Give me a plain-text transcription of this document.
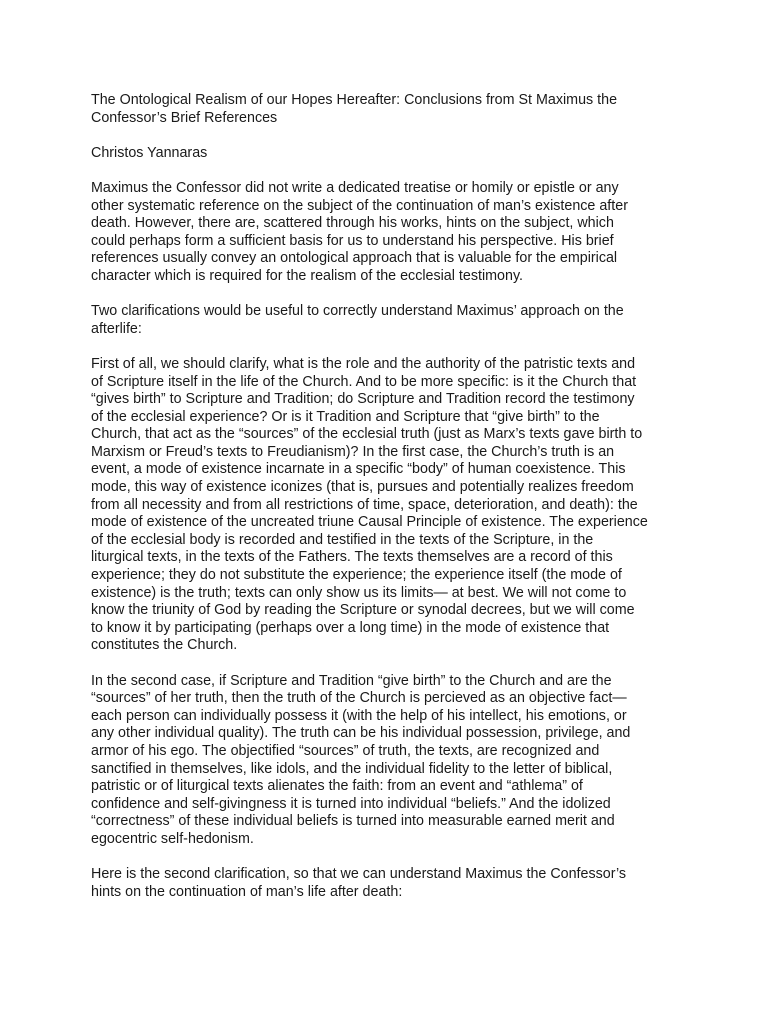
The Ontological Realism of our Hopes Hereafter: Conclusions from St Maximus the
Confessor’s Brief References

Christos Yannaras

Maximus the Confessor did not write a dedicated treatise or homily or epistle or any
other systematic reference on the subject of the continuation of man’s existence after
death. However, there are, scattered through his works, hints on the subject, which
could perhaps form a sufficient basis for us to understand his perspective. His brief
references usually convey an ontological approach that is valuable for the empirical
character which is required for the realism of the ecclesial testimony.

Two clarifications would be useful to correctly understand Maximus’ approach on the
afterlife:

First of all, we should clarify, what is the role and the authority of the patristic texts and
of Scripture itself in the life of the Church. And to be more specific: is it the Church that
“gives birth” to Scripture and Tradition; do Scripture and Tradition record the testimony
of the ecclesial experience? Or is it Tradition and Scripture that “give birth” to the
Church, that act as the “sources” of the ecclesial truth (just as Marx’s texts gave birth to
Marxism or Freud’s texts to Freudianism)? In the first case, the Church’s truth is an
event, a mode of existence incarnate in a specific “body” of human coexistence. This
mode, this way of existence iconizes (that is, pursues and potentially realizes freedom
from all necessity and from all restrictions of time, space, deterioration, and death): the
mode of existence of the uncreated triune Causal Principle of existence. The experience
of the ecclesial body is recorded and testified in the texts of the Scripture, in the
liturgical texts, in the texts of the Fathers. The texts themselves are a record of this
experience; they do not substitute the experience; the experience itself (the mode of
existence) is the truth; texts can only show us its limits— at best. We will not come to
know the triunity of God by reading the Scripture or synodal decrees, but we will come
to know it by participating (perhaps over a long time) in the mode of existence that
constitutes the Church.

In the second case, if Scripture and Tradition “give birth” to the Church and are the
“sources” of her truth, then the truth of the Church is percieved as an objective fact—
each person can individually possess it (with the help of his intellect, his emotions, or
any other individual quality). The truth can be his individual possession, privilege, and
armor of his ego. The objectified “sources” of truth, the texts, are recognized and
sanctified in themselves, like idols, and the individual fidelity to the letter of biblical,
patristic or of liturgical texts alienates the faith: from an event and “athlema” of
confidence and self-givingness it is turned into individual “beliefs.” And the idolized
“correctness” of these individual beliefs is turned into measurable earned merit and
egocentric self-hedonism.

Here is the second clarification, so that we can understand Maximus the Confessor’s
hints on the continuation of man’s life after death:
